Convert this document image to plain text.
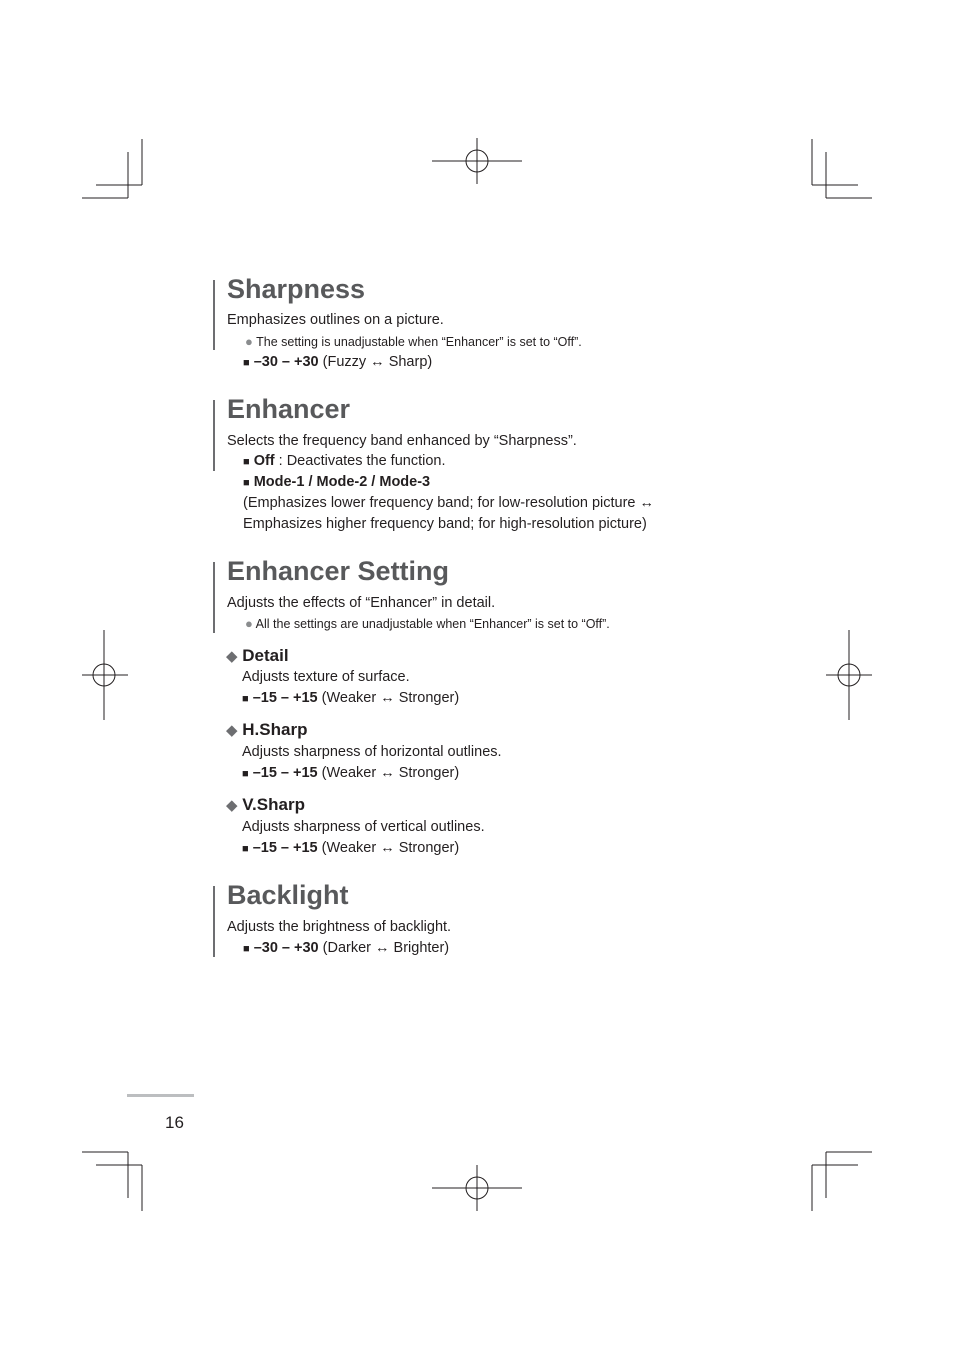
Sharpness
Emphasizes outlines on a picture.
● The setting is unadjustable when “Enhancer” is set to “Off”.
■ –30 – +30 (Fuzzy ↔ Sharp)
Enhancer
Selects the frequency band enhanced by “Sharpness”.
■ Off : Deactivates the function.
■ Mode-1 / Mode-2 / Mode-3
(Emphasizes lower frequency band; for low-resolution picture ↔
Emphasizes higher frequency band; for high-resolution picture)
Enhancer Setting
Adjusts the effects of “Enhancer” in detail.
● All the settings are unadjustable when “Enhancer” is set to “Off”.
◆ Detail
Adjusts texture of surface.
■ –15 – +15 (Weaker ↔ Stronger)
◆ H.Sharp
Adjusts sharpness of horizontal outlines.
■ –15 – +15 (Weaker ↔ Stronger)
◆ V.Sharp
Adjusts sharpness of vertical outlines.
■ –15 – +15 (Weaker ↔ Stronger)
Backlight
Adjusts the brightness of backlight.
■ –30 – +30 (Darker ↔ Brighter)
16
